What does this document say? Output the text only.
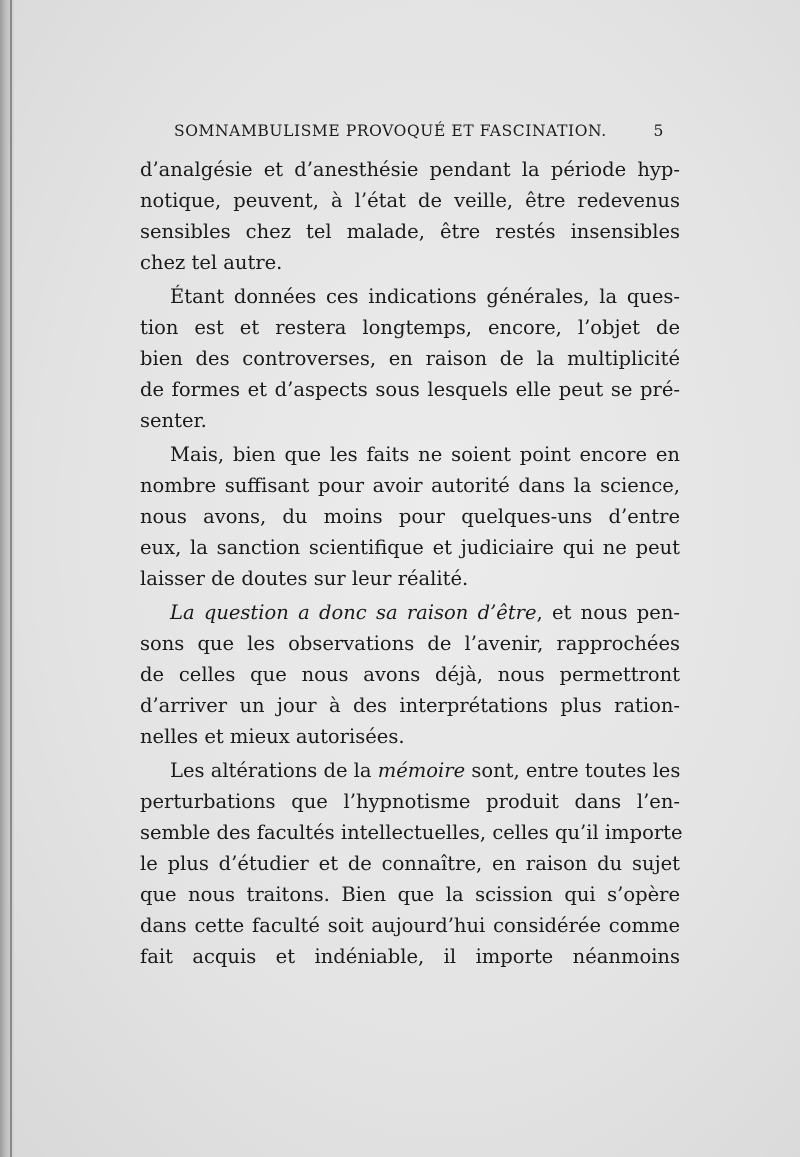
SOMNAMBULISME PROVOQUÉ ET FASCINATION.	5

d’analgésie et d’anesthésie pendant la période hyp-
notique, peuvent, à l’état de veille, être redevenus
sensibles chez tel malade, être restés insensibles
chez tel autre.

Étant données ces indications générales, la ques-
tion est et restera longtemps, encore, l’objet de
bien des controverses, en raison de la multiplicité
de formes et d’aspects sous lesquels elle peut se pré-
senter.

Mais, bien que les faits ne soient point encore en
nombre suffisant pour avoir autorité dans la science,
nous avons, du moins pour quelques-uns d’entre
eux, la sanction scientifique et judiciaire qui ne peut
laisser de doutes sur leur réalité.

La question a donc sa raison d’être, et nous pen-
sons que les observations de l’avenir, rapprochées
de celles que nous avons déjà, nous permettront
d’arriver un jour à des interprétations plus ration-
nelles et mieux autorisées.

Les altérations de la mémoire sont, entre toutes les
perturbations que l’hypnotisme produit dans l’en-
semble des facultés intellectuelles, celles qu’il importe
le plus d’étudier et de connaître, en raison du sujet
que nous traitons. Bien que la scission qui s’opère
dans cette faculté soit aujourd’hui considérée comme
fait acquis et indéniable, il importe néanmoins
